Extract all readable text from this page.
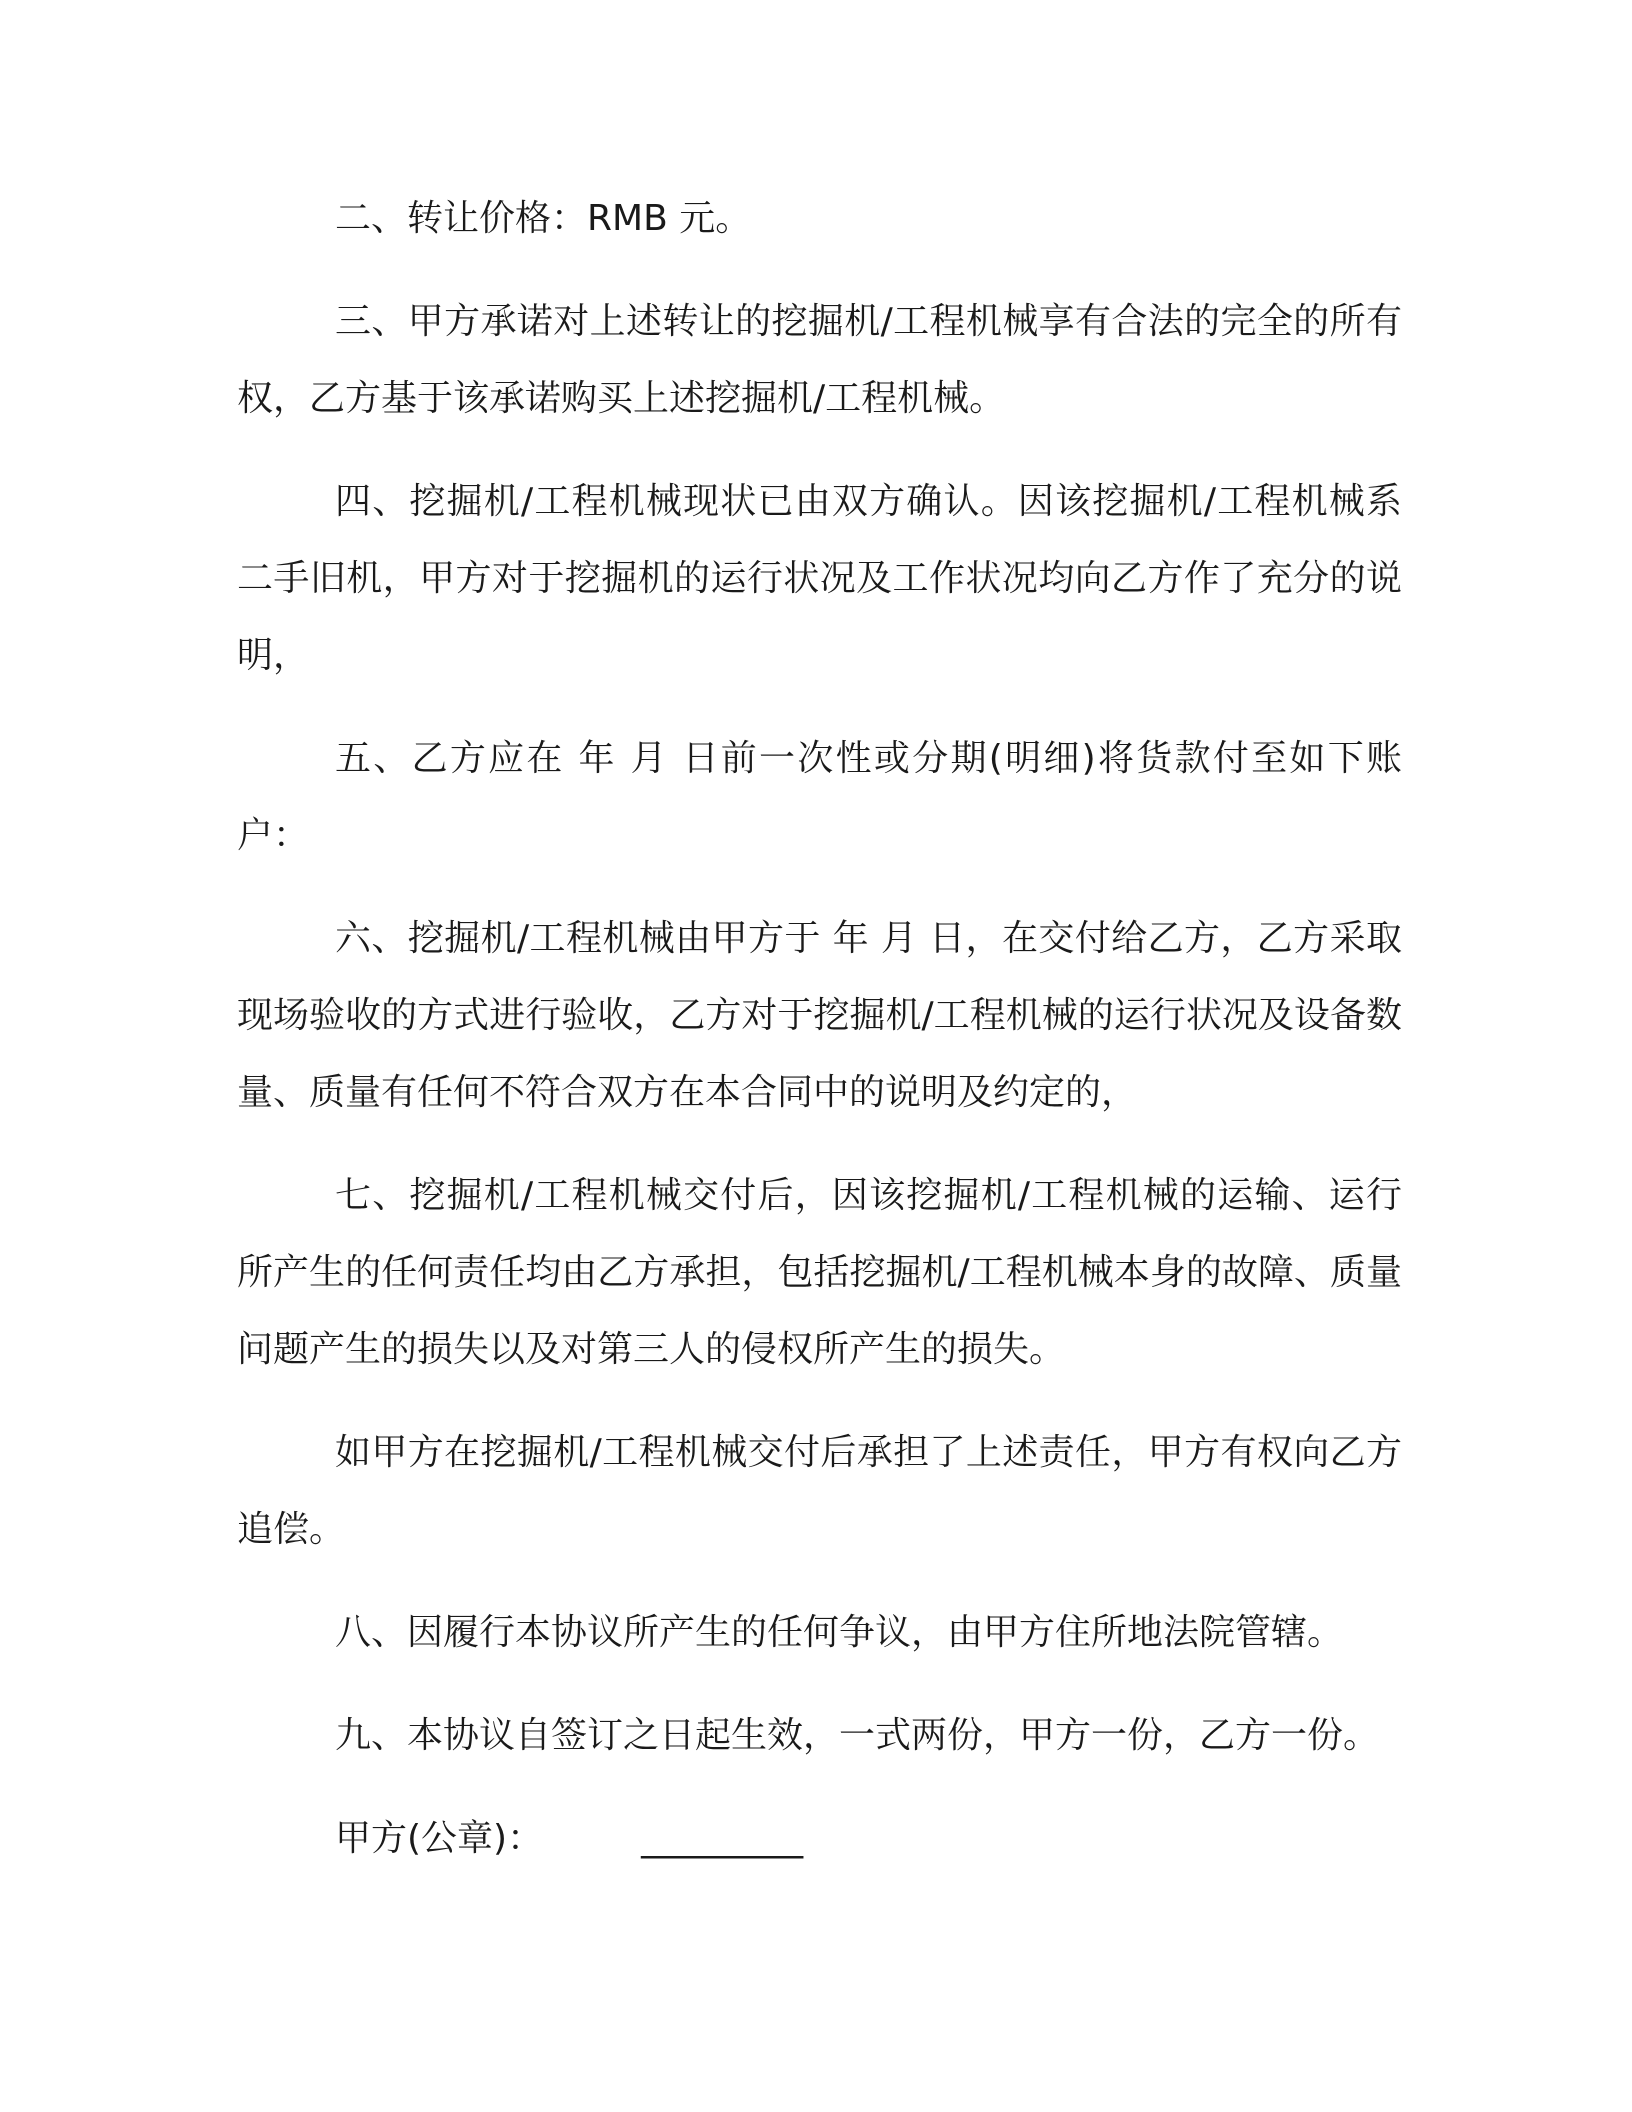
二、转让价格：RMB 元。

三、甲方承诺对上述转让的挖掘机/工程机械享有合法的完全的所有权，乙方基于该承诺购买上述挖掘机/工程机械。

四、挖掘机/工程机械现状已由双方确认。因该挖掘机/工程机械系二手旧机，甲方对于挖掘机的运行状况及工作状况均向乙方作了充分的说明，

五、乙方应在 年 月 日前一次性或分期(明细)将货款付至如下账户：

六、挖掘机/工程机械由甲方于 年 月 日，在交付给乙方，乙方采取现场验收的方式进行验收，乙方对于挖掘机/工程机械的运行状况及设备数量、质量有任何不符合双方在本合同中的说明及约定的，

七、挖掘机/工程机械交付后，因该挖掘机/工程机械的运输、运行所产生的任何责任均由乙方承担，包括挖掘机/工程机械本身的故障、质量问题产生的损失以及对第三人的侵权所产生的损失。

如甲方在挖掘机/工程机械交付后承担了上述责任，甲方有权向乙方追偿。

八、因履行本协议所产生的任何争议，由甲方住所地法院管辖。

九、本协议自签订之日起生效，一式两份，甲方一份，乙方一份。

甲方(公章)：	_________
